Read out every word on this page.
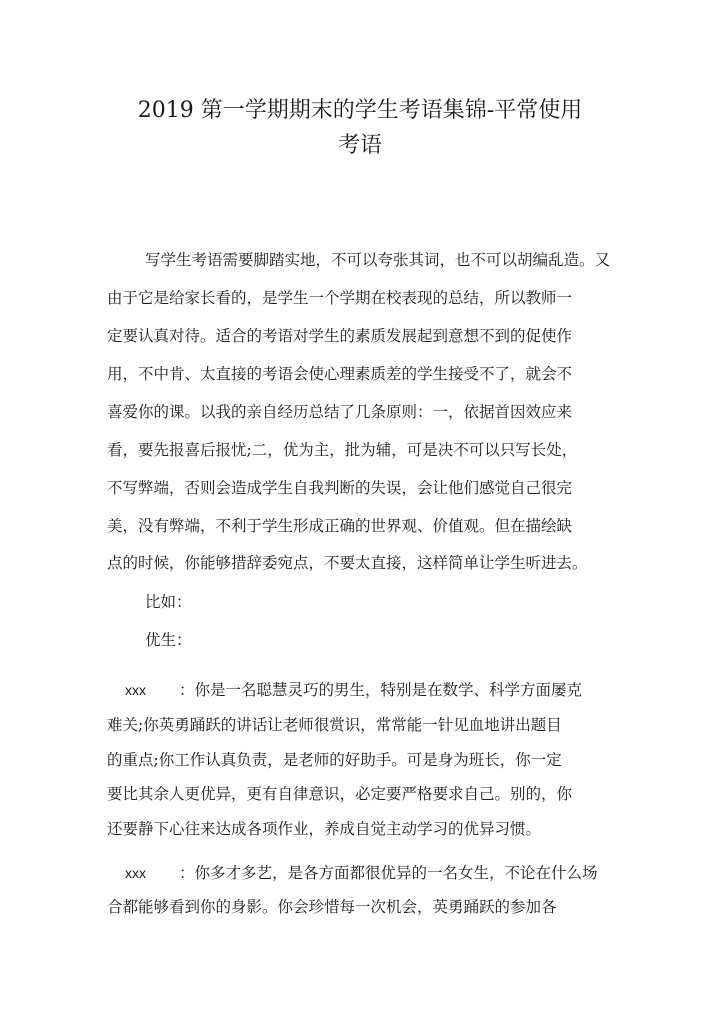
2019 第一学期期末的学生考语集锦-平常使用
考语

写学生考语需要脚踏实地，不可以夸张其词，也不可以胡编乱造。又

由于它是给家长看的，是学生一个学期在校表现的总结，所以教师一

定要认真对待。适合的考语对学生的素质发展起到意想不到的促使作

用，不中肯、太直接的考语会使心理素质差的学生接受不了，就会不

喜爱你的课。以我的亲自经历总结了几条原则：一，依据首因效应来

看，要先报喜后报忧;二，优为主，批为辅，可是决不可以只写长处，

不写弊端，否则会造成学生自我判断的失误，会让他们感觉自己很完

美，没有弊端，不利于学生形成正确的世界观、价值观。但在描绘缺

点的时候，你能够措辞委宛点，不要太直接，这样简单让学生听进去。

比如：

优生：

xxx ：你是一名聪慧灵巧的男生，特别是在数学、科学方面屡克

难关;你英勇踊跃的讲话让老师很赏识，常常能一针见血地讲出题目

的重点;你工作认真负责，是老师的好助手。可是身为班长，你一定

要比其余人更优异，更有自律意识，必定要严格要求自己。别的，你

还要静下心往来达成各项作业，养成自觉主动学习的优异习惯。

xxx ：你多才多艺，是各方面都很优异的一名女生，不论在什么场

合都能够看到你的身影。你会珍惜每一次机会，英勇踊跃的参加各
